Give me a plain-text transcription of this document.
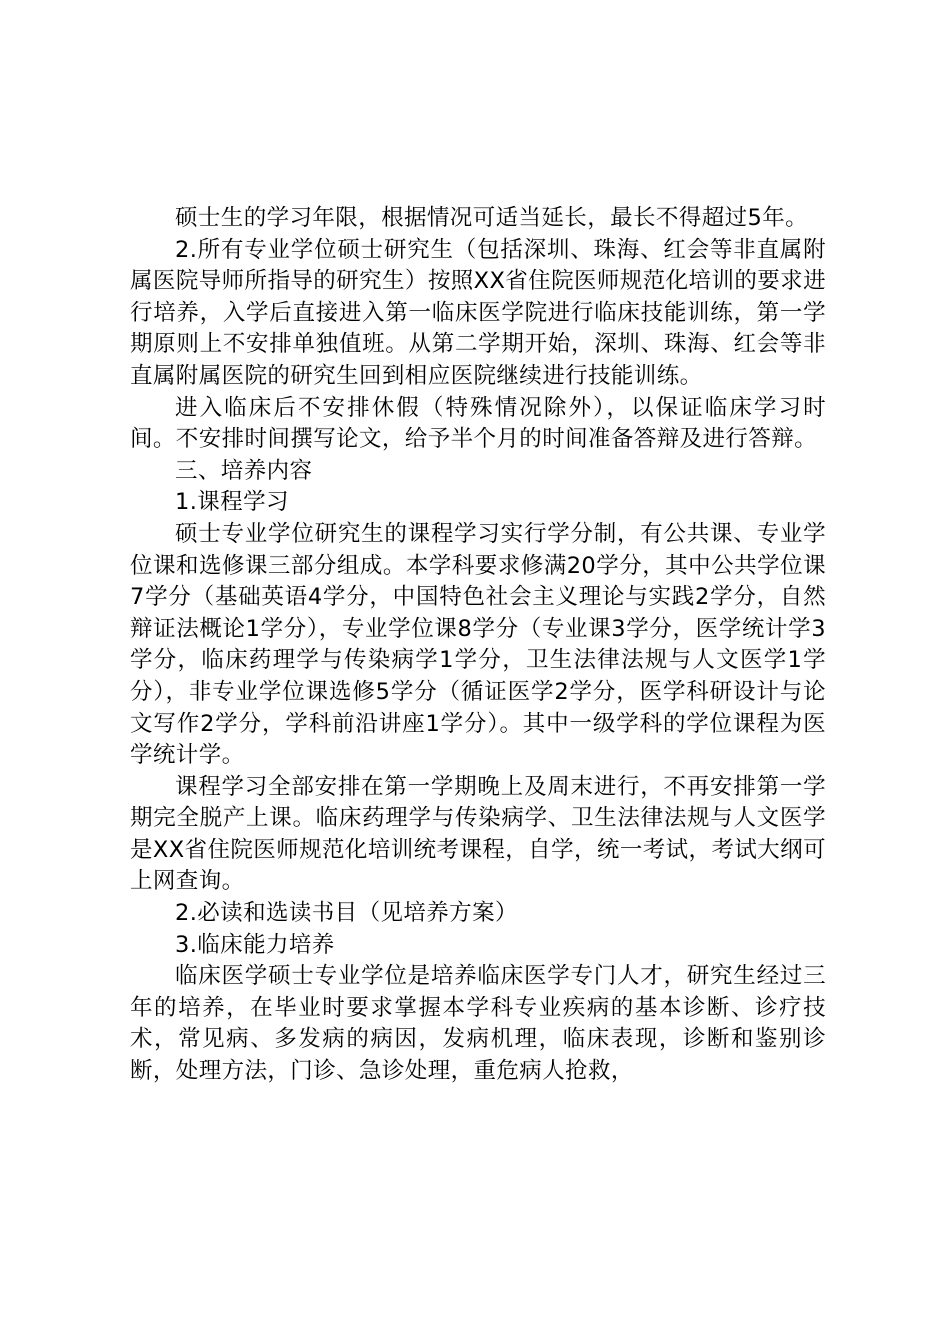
硕士生的学习年限，根据情况可适当延长，最长不得超过5年。

2.所有专业学位硕士研究生（包括深圳、珠海、红会等非直属附属医院导师所指导的研究生）按照XX省住院医师规范化培训的要求进行培养，入学后直接进入第一临床医学院进行临床技能训练，第一学期原则上不安排单独值班。从第二学期开始，深圳、珠海、红会等非直属附属医院的研究生回到相应医院继续进行技能训练。

进入临床后不安排休假（特殊情况除外），以保证临床学习时间。不安排时间撰写论文，给予半个月的时间准备答辩及进行答辩。

三、培养内容

1.课程学习

硕士专业学位研究生的课程学习实行学分制，有公共课、专业学位课和选修课三部分组成。本学科要求修满20学分，其中公共学位课7学分（基础英语4学分，中国特色社会主义理论与实践2学分，自然辩证法概论1学分），专业学位课8学分（专业课3学分，医学统计学3学分，临床药理学与传染病学1学分，卫生法律法规与人文医学1学分），非专业学位课选修5学分（循证医学2学分，医学科研设计与论文写作2学分，学科前沿讲座1学分）。其中一级学科的学位课程为医学统计学。

课程学习全部安排在第一学期晚上及周末进行，不再安排第一学期完全脱产上课。临床药理学与传染病学、卫生法律法规与人文医学是XX省住院医师规范化培训统考课程，自学，统一考试，考试大纲可上网查询。

2.必读和选读书目（见培养方案）

3.临床能力培养

临床医学硕士专业学位是培养临床医学专门人才，研究生经过三年的培养，在毕业时要求掌握本学科专业疾病的基本诊断、诊疗技术，常见病、多发病的病因，发病机理，临床表现，诊断和鉴别诊断，处理方法，门诊、急诊处理，重危病人抢救，
